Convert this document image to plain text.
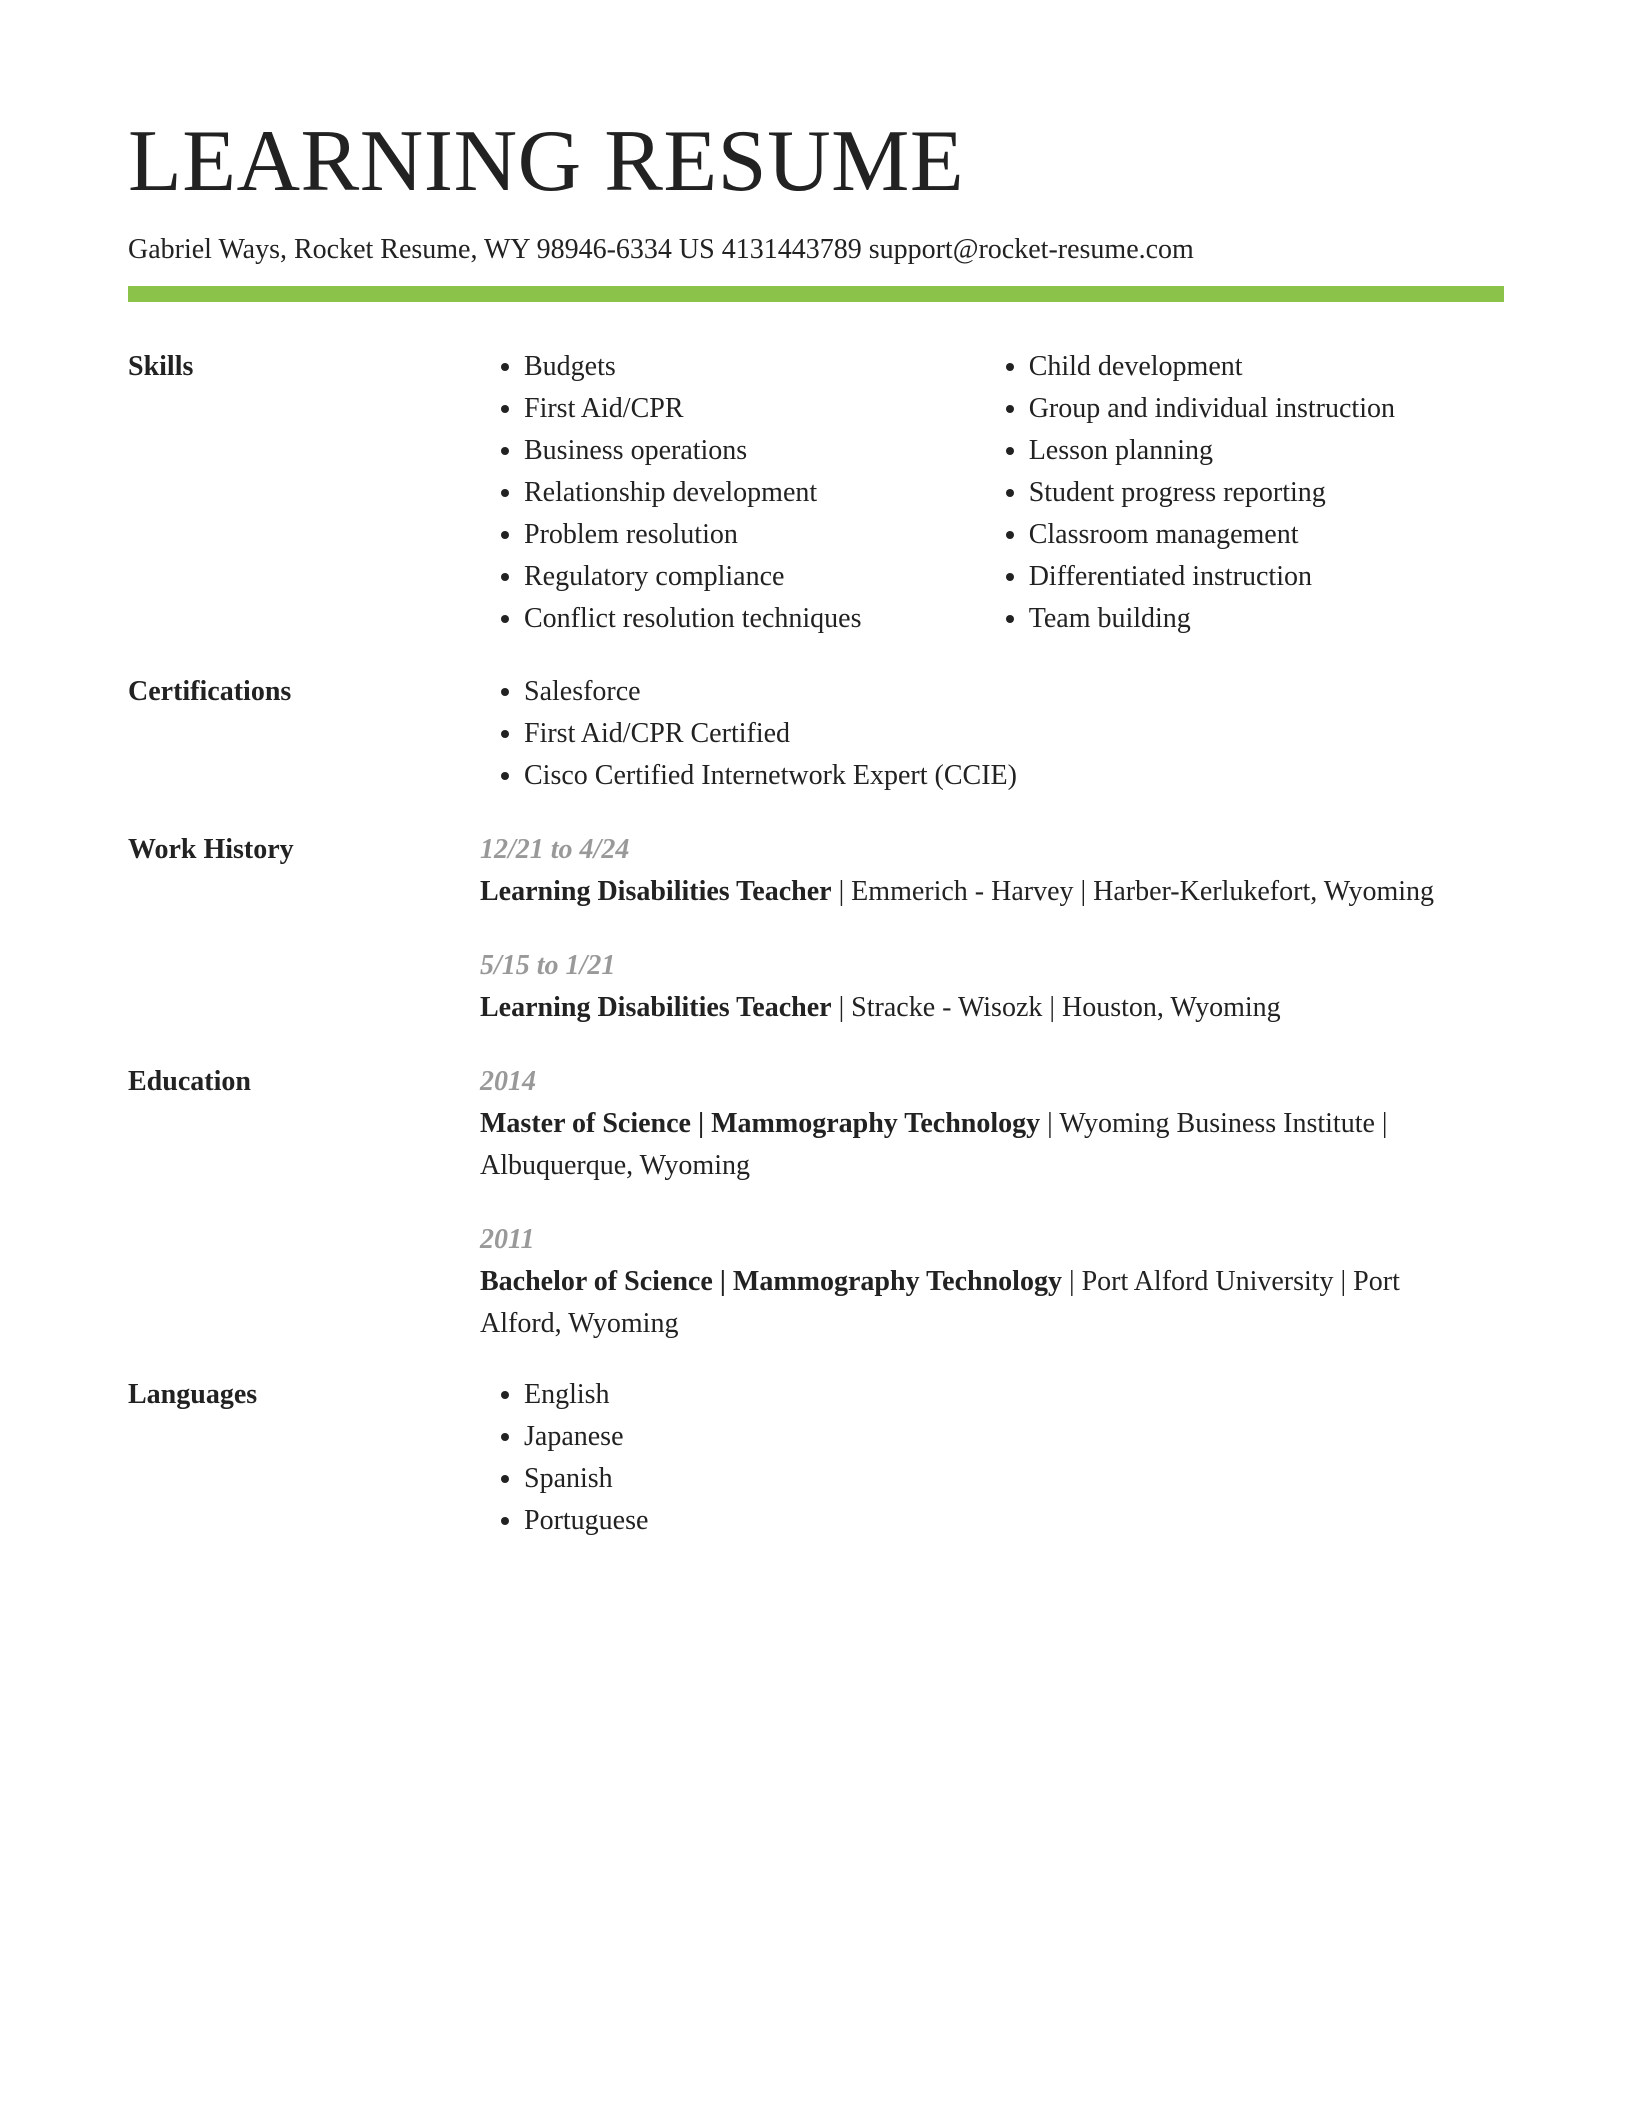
LEARNING RESUME
Gabriel Ways, Rocket Resume, WY 98946-6334 US 4131443789 support@rocket-resume.com
Skills	• Budgets
• First Aid/CPR
• Business operations
• Relationship development
• Problem resolution
• Regulatory compliance
• Conflict resolution techniques
• Child development
• Group and individual instruction
• Lesson planning
• Student progress reporting
• Classroom management
• Differentiated instruction
• Team building
Certifications	• Salesforce
• First Aid/CPR Certified
• Cisco Certified Internetwork Expert (CCIE)
Work History	12/21 to 4/24
Learning Disabilities Teacher | Emmerich - Harvey | Harber-Kerlukefort, Wyoming
5/15 to 1/21
Learning Disabilities Teacher | Stracke - Wisozk | Houston, Wyoming
Education	2014
Master of Science | Mammography Technology | Wyoming Business Institute |
Albuquerque, Wyoming
2011
Bachelor of Science | Mammography Technology | Port Alford University | Port
Alford, Wyoming
Languages	• English
• Japanese
• Spanish
• Portuguese
